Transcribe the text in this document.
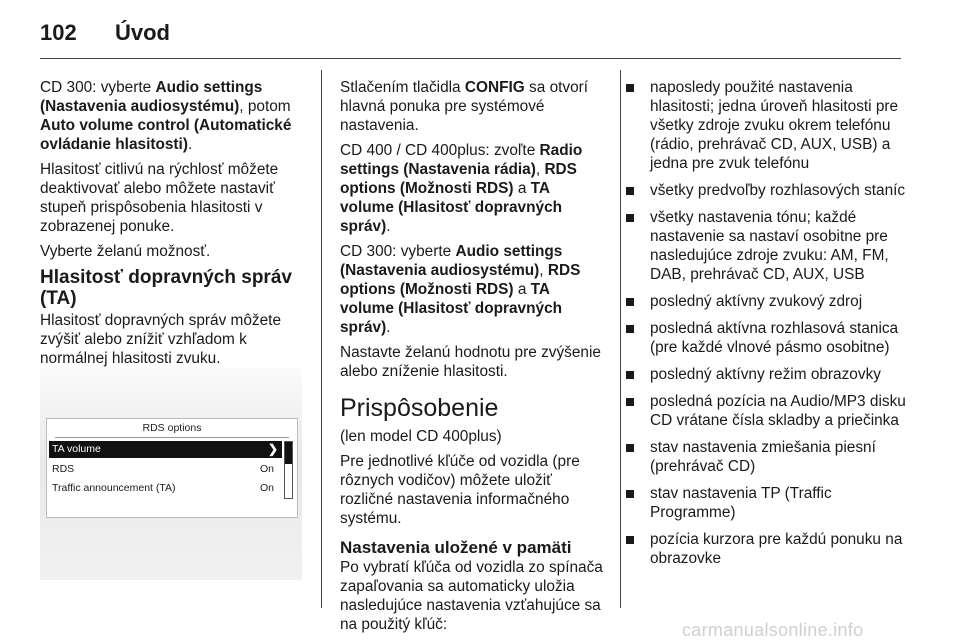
102 Úvod

CD 300: vyberte Audio settings (Nastavenia audiosystému), potom Auto volume control (Automatické ovládanie hlasitosti).

Hlasitosť citlivú na rýchlosť môžete deaktivovať alebo môžete nastaviť stupeň prispôsobenia hlasitosti v zobrazenej ponuke.

Vyberte želanú možnosť.

Hlasitosť dopravných správ (TA)

Hlasitosť dopravných správ môžete zvýšiť alebo znížiť vzhľadom k normálnej hlasitosti zvuku.

RDS options
TA volume	❯
RDS	On
Traffic announcement (TA)	On

Stlačením tlačidla CONFIG sa otvorí hlavná ponuka pre systémové nastavenia.

CD 400 / CD 400plus: zvoľte Radio settings (Nastavenia rádia), RDS options (Možnosti RDS) a TA volume (Hlasitosť dopravných správ).

CD 300: vyberte Audio settings (Nastavenia audiosystému), RDS options (Možnosti RDS) a TA volume (Hlasitosť dopravných správ).

Nastavte želanú hodnotu pre zvýšenie alebo zníženie hlasitosti.

Prispôsobenie

(len model CD 400plus)

Pre jednotlivé kľúče od vozidla (pre rôznych vodičov) môžete uložiť rozličné nastavenia informačného systému.

Nastavenia uložené v pamäti

Po vybratí kľúča od vozidla zo spínača zapaľovania sa automaticky uložia nasledujúce nastavenia vzťahujúce sa na použitý kľúč:

naposledy použité nastavenia hlasitosti; jedna úroveň hlasitosti pre všetky zdroje zvuku okrem telefónu (rádio, prehrávač CD, AUX, USB) a jedna pre zvuk telefónu
všetky predvoľby rozhlasových staníc
všetky nastavenia tónu; každé nastavenie sa nastaví osobitne pre nasledujúce zdroje zvuku: AM, FM, DAB, prehrávač CD, AUX, USB
posledný aktívny zvukový zdroj
posledná aktívna rozhlasová stanica (pre každé vlnové pásmo osobitne)
posledný aktívny režim obrazovky
posledná pozícia na Audio/MP3 disku CD vrátane čísla skladby a priečinka
stav nastavenia zmiešania piesní (prehrávač CD)
stav nastavenia TP (Traffic Programme)
pozícia kurzora pre každú ponuku na obrazovke
carmanualsonline.info
